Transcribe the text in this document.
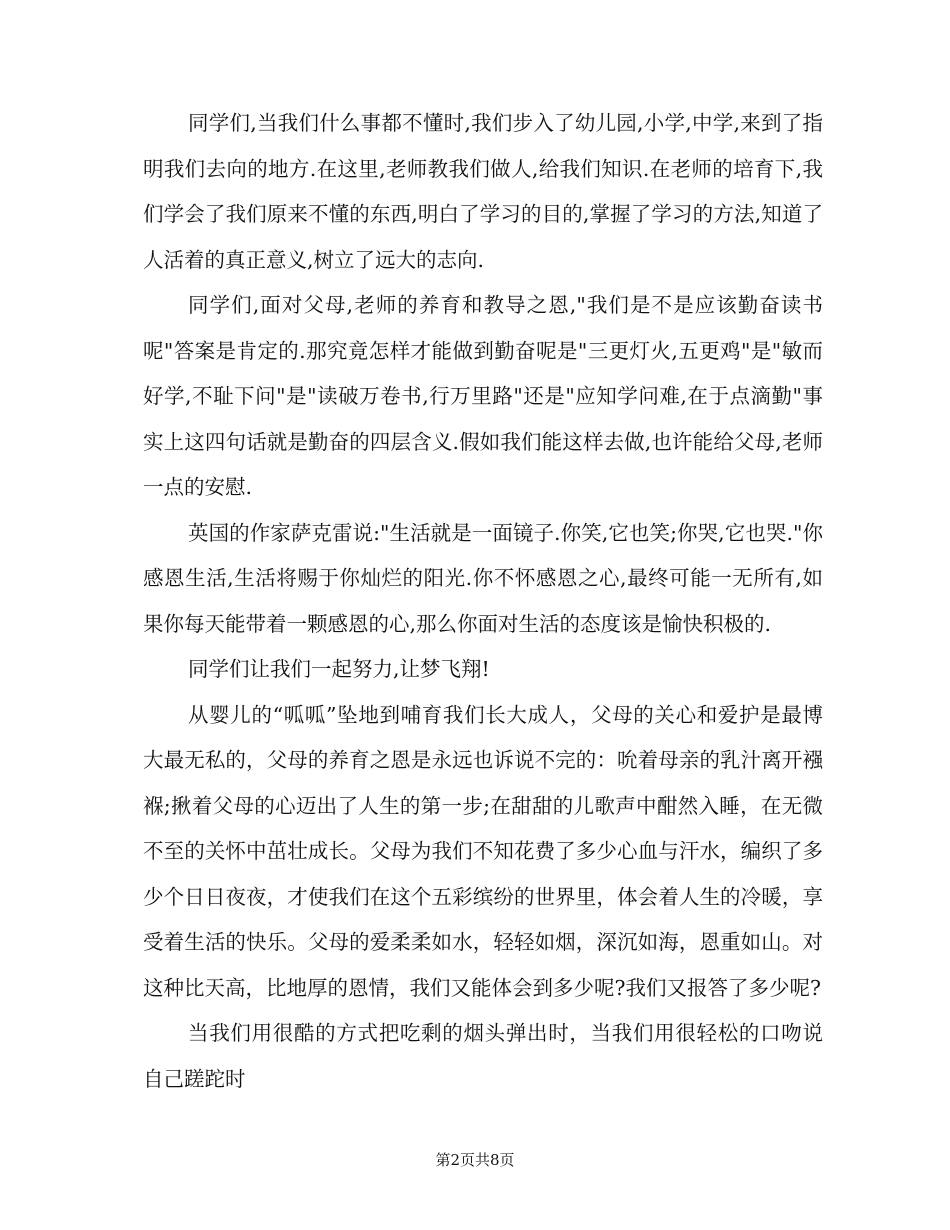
同学们,当我们什么事都不懂时,我们步入了幼儿园,小学,中学,来到了指明我们去向的地方.在这里,老师教我们做人,给我们知识.在老师的培育下,我们学会了我们原来不懂的东西,明白了学习的目的,掌握了学习的方法,知道了人活着的真正意义,树立了远大的志向.

同学们,面对父母,老师的养育和教导之恩,"我们是不是应该勤奋读书呢"答案是肯定的.那究竟怎样才能做到勤奋呢是"三更灯火,五更鸡"是"敏而好学,不耻下问"是"读破万卷书,行万里路"还是"应知学问难,在于点滴勤"事实上这四句话就是勤奋的四层含义.假如我们能这样去做,也许能给父母,老师一点的安慰.

英国的作家萨克雷说:"生活就是一面镜子.你笑,它也笑;你哭,它也哭."你感恩生活,生活将赐于你灿烂的阳光.你不怀感恩之心,最终可能一无所有,如果你每天能带着一颗感恩的心,那么你面对生活的态度该是愉快积极的.

同学们让我们一起努力,让梦飞翔!

从婴儿的“呱呱”坠地到哺育我们长大成人，父母的关心和爱护是最博大最无私的，父母的养育之恩是永远也诉说不完的：吮着母亲的乳汁离开襁褓;揪着父母的心迈出了人生的第一步;在甜甜的儿歌声中酣然入睡，在无微不至的关怀中茁壮成长。父母为我们不知花费了多少心血与汗水，编织了多少个日日夜夜，才使我们在这个五彩缤纷的世界里，体会着人生的冷暖，享受着生活的快乐。父母的爱柔柔如水，轻轻如烟，深沉如海，恩重如山。对这种比天高，比地厚的恩情，我们又能体会到多少呢?我们又报答了多少呢?

当我们用很酷的方式把吃剩的烟头弹出时，当我们用很轻松的口吻说自己蹉跎时

第2页共8页
